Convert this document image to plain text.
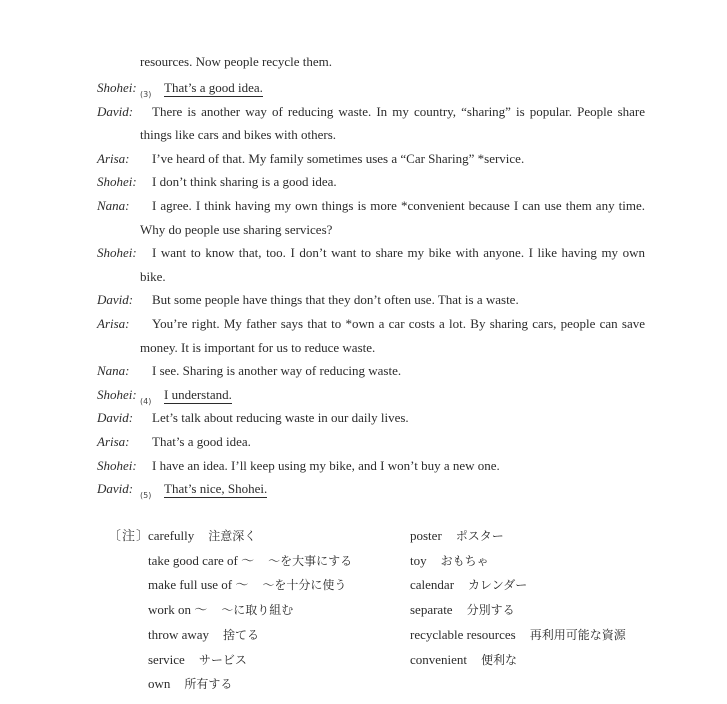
resources. Now people recycle them.
Shohei:	That’s a good idea.
(3)
David:	There is another way of reducing waste. In my country, “sharing” is popular. People share things like cars and bikes with others.
Arisa:	I’ve heard of that. My family sometimes uses a “Car Sharing” *service.
Shohei:	I don’t think sharing is a good idea.
Nana:	I agree. I think having my own things is more *convenient because I can use them any time. Why do people use sharing services?
Shohei:	I want to know that, too. I don’t want to share my bike with anyone. I like having my own bike.
David:	But some people have things that they don’t often use. That is a waste.
Arisa:	You’re right. My father says that to *own a car costs a lot. By sharing cars, people can save money. It is important for us to reduce waste.
Nana:	I see. Sharing is another way of reducing waste.
Shohei:	I understand.
(4)
David:	Let’s talk about reducing waste in our daily lives.
Arisa:	That’s a good idea.
Shohei:	I have an idea. I’ll keep using my bike, and I won’t buy a new one.
David:	That’s nice, Shohei.
(5)
〔注〕
carefully 注意深く
take good care of ～ ～を大事にする
make full use of ～ ～を十分に使う
work on ～ ～に取り組む
throw away 捨てる
service サービス
own 所有する
poster ポスター
toy おもちゃ
calendar カレンダー
separate 分別する
recyclable resources 再利用可能な資源
convenient 便利な
